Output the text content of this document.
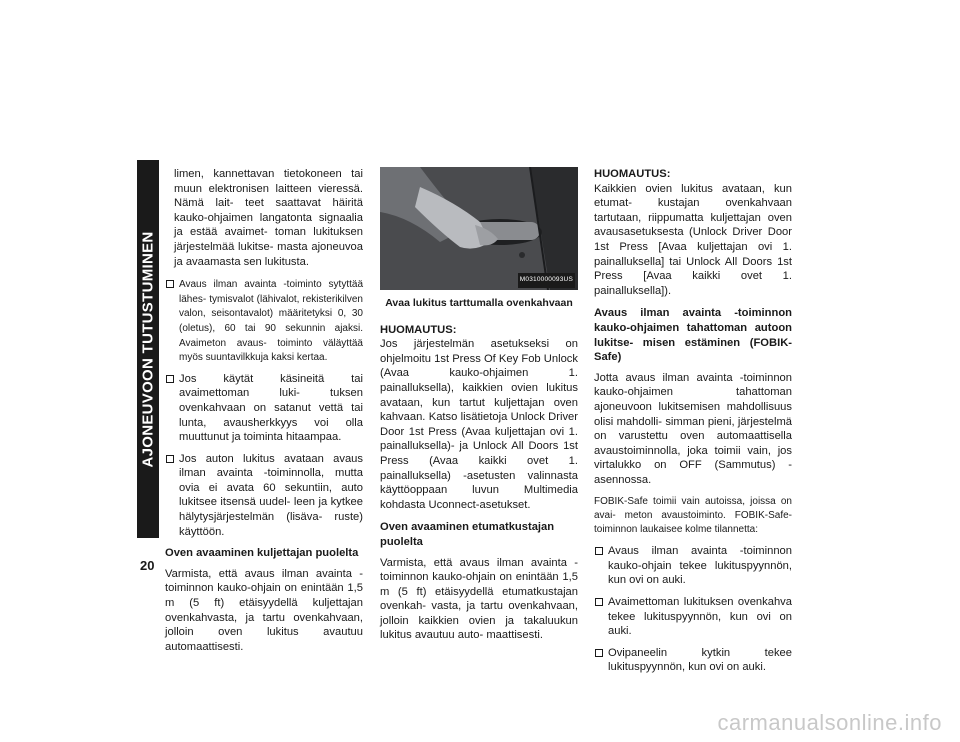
AJONEUVOON TUTUSTUMINEN
20

limen, kannettavan tietokoneen tai muun elektronisen laitteen vieressä. Nämä lait- teet saattavat häiritä kauko-ohjaimen langatonta signaalia ja estää avaimet- toman lukituksen järjestelmää lukitse- masta ajoneuvoa ja avaamasta sen lukitusta.

Avaus ilman avainta -toiminto sytyttää lähes- tymisvalot (lähivalot, rekisterikilven valon, seisontavalot) määritetyksi 0, 30 (oletus), 60 tai 90 sekunnin ajaksi. Avaimeton avaus- toiminto väläyttää myös suuntavilkkuja kaksi kertaa.
Jos käytät käsineitä tai avaimettoman luki- tuksen ovenkahvaan on satanut vettä tai lunta, avausherkkyys voi olla muuttunut ja toiminta hitaampaa.
Jos auton lukitus avataan avaus ilman avainta -toiminnolla, mutta ovia ei avata 60 sekuntiin, auto lukitsee itsensä uudel- leen ja kytkee hälytysjärjestelmän (lisäva- ruste) käyttöön.
Oven avaaminen kuljettajan puolelta

Varmista, että avaus ilman avainta -toiminnon kauko-ohjain on enintään 1,5 m (5 ft) etäisyydellä kuljettajan ovenkahvasta, ja tartu ovenkahvaan, jolloin oven lukitus avautuu automaattisesti.

M0310000093US
Avaa lukitus tarttumalla ovenkahvaan
HUOMAUTUS:

Jos järjestelmän asetukseksi on ohjelmoitu 1st Press Of Key Fob Unlock (Avaa kauko-ohjaimen 1. painalluksella), kaikkien ovien lukitus avataan, kun tartut kuljettajan oven kahvaan. Katso lisätietoja Unlock Driver Door 1st Press (Avaa kuljettajan ovi 1. painalluksella)- ja Unlock All Doors 1st Press (Avaa kaikki ovet 1. painalluksella) -asetusten valinnasta käyttöoppaan luvun Multimedia kohdasta Uconnect-asetukset.

Oven avaaminen etumatkustajan puolelta

Varmista, että avaus ilman avainta -toiminnon kauko-ohjain on enintään 1,5 m (5 ft) etäisyydellä etumatkustajan ovenkah- vasta, ja tartu ovenkahvaan, jolloin kaikkien ovien ja takaluukun lukitus avautuu auto- maattisesti.

HUOMAUTUS:

Kaikkien ovien lukitus avataan, kun etumat- kustajan ovenkahvaan tartutaan, riippumatta kuljettajan oven avausasetuksesta (Unlock Driver Door 1st Press [Avaa kuljettajan ovi 1. painalluksella] tai Unlock All Doors 1st Press [Avaa kaikki ovet 1. painalluksella]).

Avaus ilman avainta -toiminnon kauko-ohjaimen tahattoman autoon lukitse- misen estäminen (FOBIK-Safe)

Jotta avaus ilman avainta -toiminnon kauko-ohjaimen tahattoman ajoneuvoon lukitsemisen mahdollisuus olisi mahdolli- simman pieni, järjestelmä on varustettu oven automaattisella avaustoiminnolla, joka toimii vain, jos virtalukko on OFF (Sammutus) -asennossa.

FOBIK-Safe toimii vain autoissa, joissa on avai- meton avaustoiminto. FOBIK-Safe-toiminnon laukaisee kolme tilannetta:

Avaus ilman avainta -toiminnon kauko-ohjain tekee lukituspyynnön, kun ovi on auki.
Avaimettoman lukituksen ovenkahva tekee lukituspyynnön, kun ovi on auki.
Ovipaneelin kytkin tekee lukituspyynnön, kun ovi on auki.
carmanualsonline.info
